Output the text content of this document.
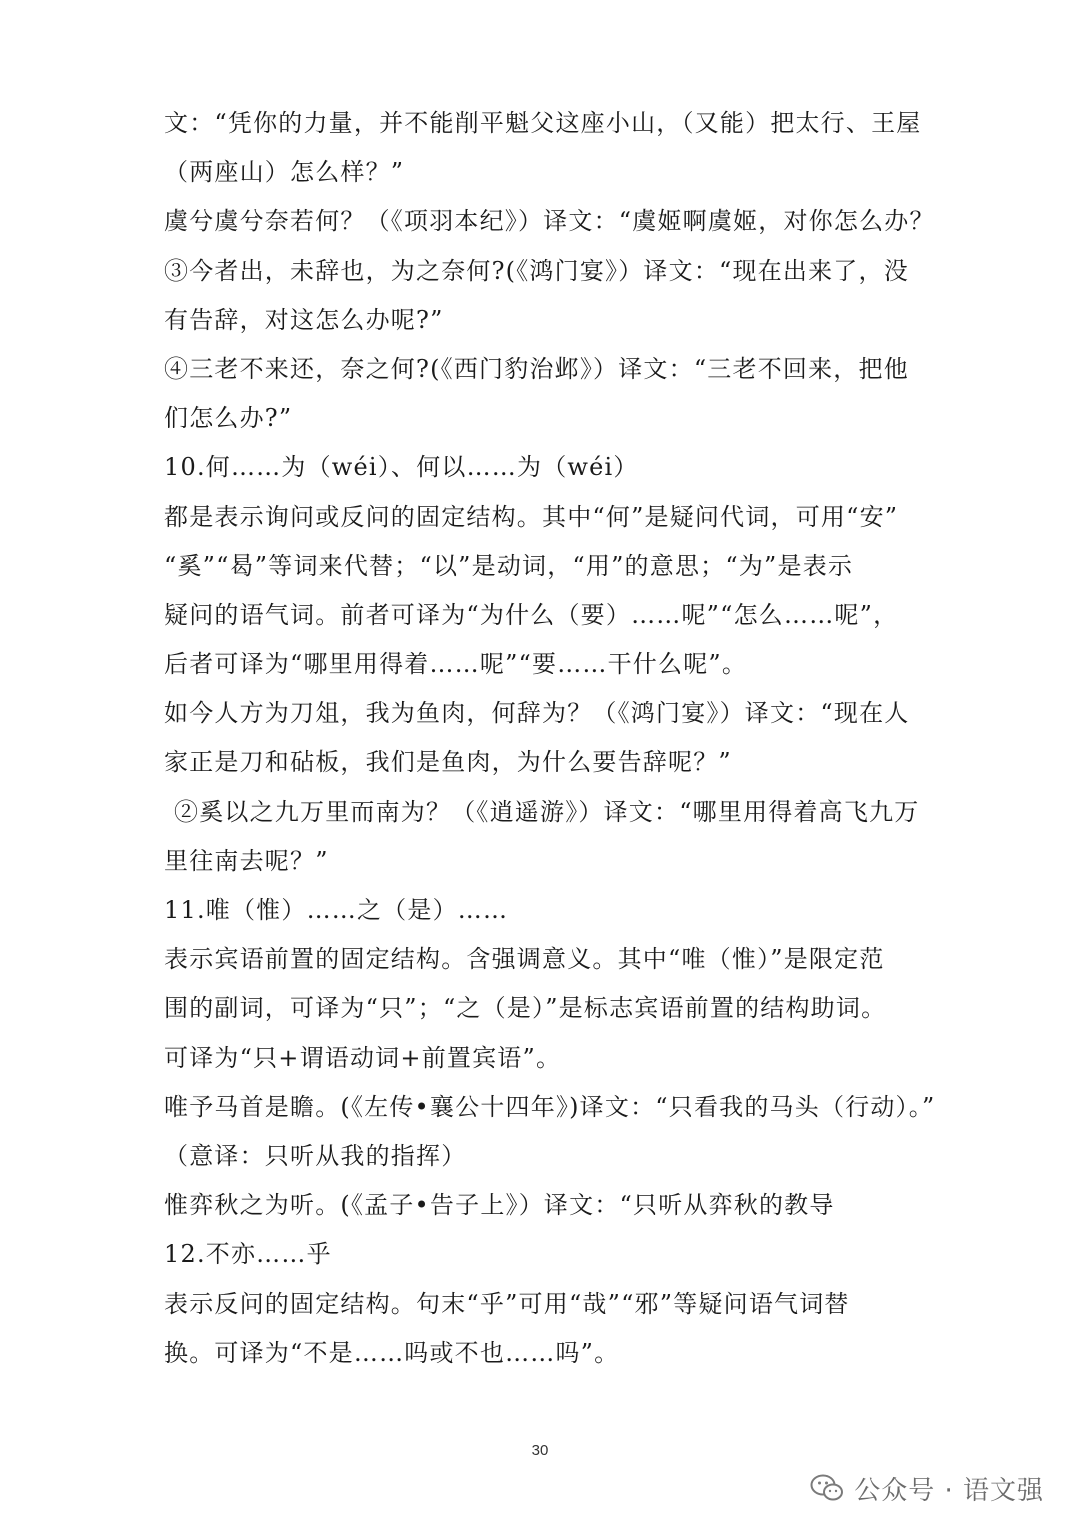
文：“凭你的力量，并不能削平魁父这座小山，（又能）把太行、王屋
（两座山）怎么样？”
虞兮虞兮奈若何？（《项羽本纪》）译文：“虞姬啊虞姬，对你怎么办？
③今者出，未辞也，为之奈何?(《鸿门宴》）译文：“现在出来了，没
有告辞，对这怎么办呢?”
④三老不来还，奈之何?(《西门豹治邺》）译文：“三老不回来，把他
们怎么办?”
10.何……为（wéi）、何以……为（wéi）
都是表示询问或反问的固定结构。其中“何”是疑问代词，可用“安”
“奚”“曷”等词来代替；“以”是动词，“用”的意思；“为”是表示
疑问的语气词。前者可译为“为什么（要）……呢”“怎么……呢”，
后者可译为“哪里用得着……呢”“要……干什么呢”。
如今人方为刀俎，我为鱼肉，何辞为？（《鸿门宴》）译文：“现在人
家正是刀和砧板，我们是鱼肉，为什么要告辞呢？”
②奚以之九万里而南为？（《逍遥游》）译文：“哪里用得着高飞九万
里往南去呢？”
11.唯（惟）……之（是）……
表示宾语前置的固定结构。含强调意义。其中“唯（惟）”是限定范
围的副词，可译为“只”；“之（是）”是标志宾语前置的结构助词。
可译为“只+谓语动词+前置宾语”。
唯予马首是瞻。(《左传•襄公十四年》)译文：“只看我的马头（行动）。”
（意译：只听从我的指挥）
惟弈秋之为听。(《孟子•告子上》）译文：“只听从弈秋的教导
12.不亦……乎
表示反问的固定结构。句末“乎”可用“哉”“邪”等疑问语气词替
换。可译为“不是……吗或不也……吗”。
30
公众号 · 语文强
